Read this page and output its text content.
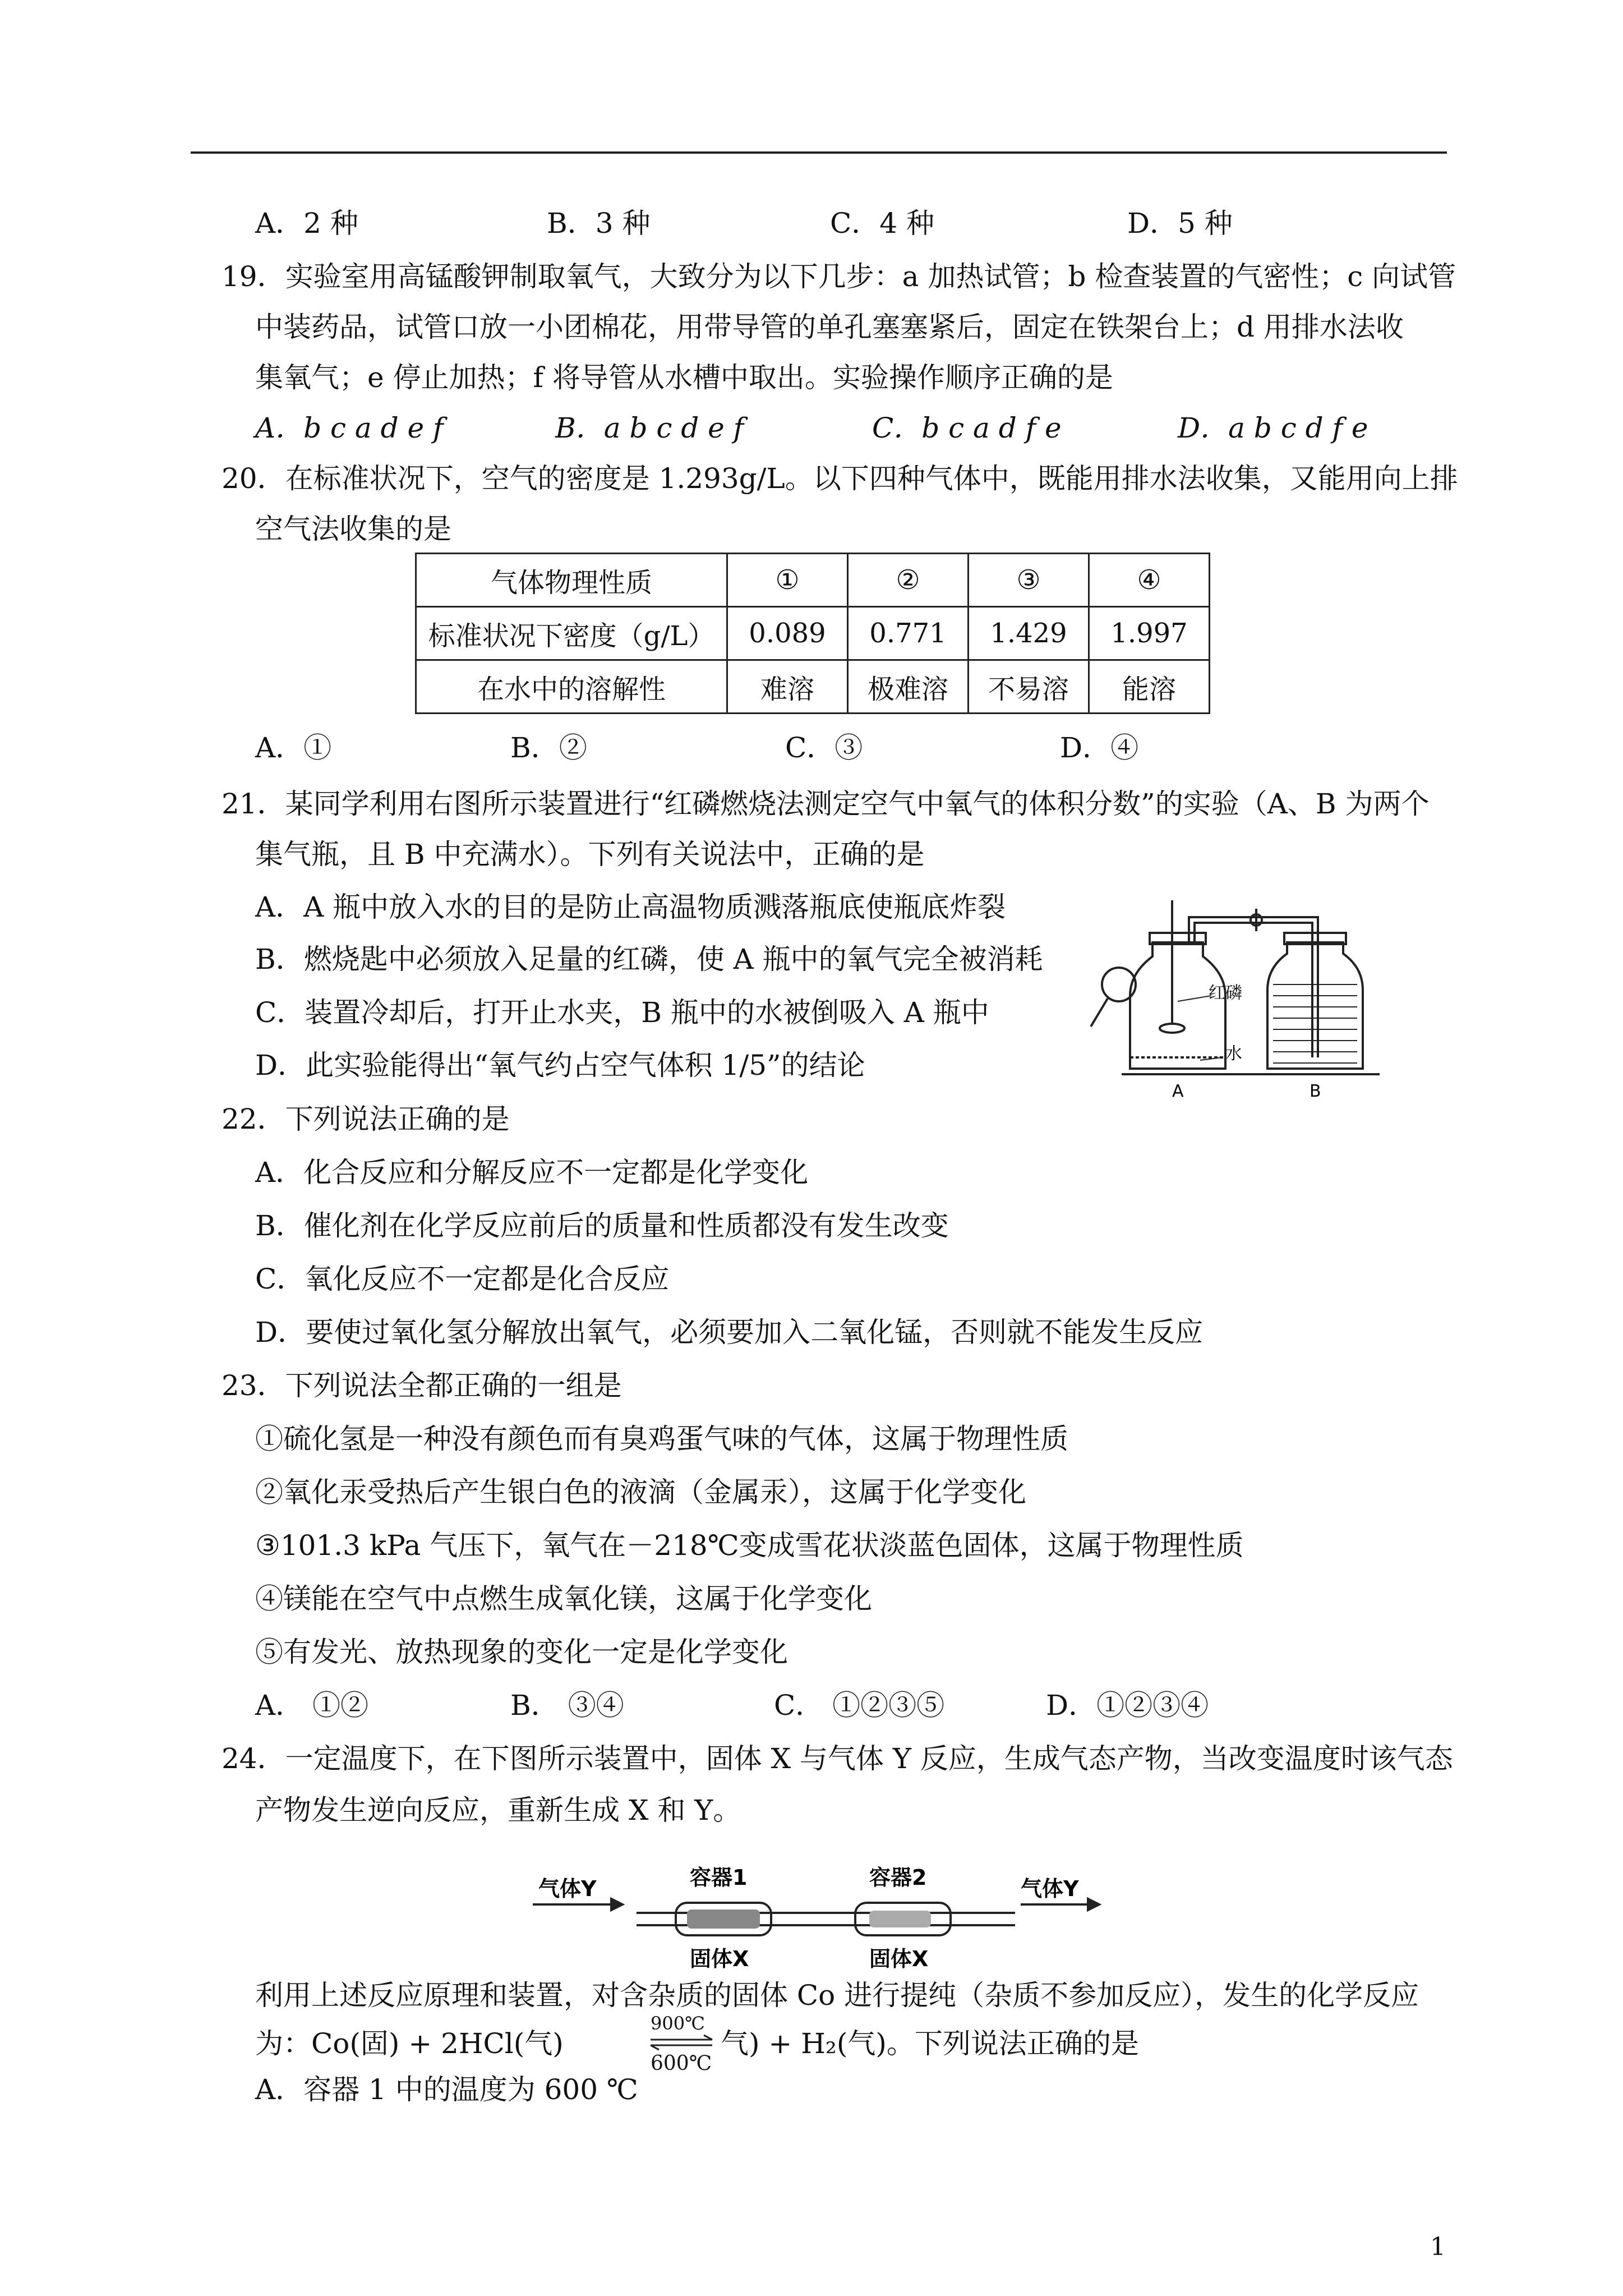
A．2 种	B．3 种	C．4 种	D．5 种
19．实验室用高锰酸钾制取氧气，大致分为以下几步：a 加热试管；b 检查装置的气密性；c 向试管
中装药品，试管口放一小团棉花，用带导管的单孔塞塞紧后，固定在铁架台上；d 用排水法收
集氧气；e 停止加热；f 将导管从水槽中取出。实验操作顺序正确的是
A．b c a d e f	B．a b c d e f	C．b c a d f e	D．a b c d f e
20．在标准状况下，空气的密度是 1.293g/L。以下四种气体中，既能用排水法收集，又能用向上排
空气法收集的是
气体物理性质	①	②	③	④
标准状况下密度（g/L）	0.089	0.771	1.429	1.997
在水中的溶解性	难溶	极难溶	不易溶	能溶
A．①	B．②	C．③	D．④
21．某同学利用右图所示装置进行“红磷燃烧法测定空气中氧气的体积分数”的实验（A、B 为两个
集气瓶，且 B 中充满水）。下列有关说法中，正确的是
A．A 瓶中放入水的目的是防止高温物质溅落瓶底使瓶底炸裂
B．燃烧匙中必须放入足量的红磷，使 A 瓶中的氧气完全被消耗
C．装置冷却后，打开止水夹，B 瓶中的水被倒吸入 A 瓶中
D．此实验能得出“氧气约占空气体积 1/5”的结论
红磷
水
A	B
22．下列说法正确的是
A．化合反应和分解反应不一定都是化学变化
B．催化剂在化学反应前后的质量和性质都没有发生改变
C．氧化反应不一定都是化合反应
D．要使过氧化氢分解放出氧气，必须要加入二氧化锰，否则就不能发生反应
23．下列说法全都正确的一组是
①硫化氢是一种没有颜色而有臭鸡蛋气味的气体，这属于物理性质
②氧化汞受热后产生银白色的液滴（金属汞），这属于化学变化
③101.3 kPa 气压下，氧气在－218℃变成雪花状淡蓝色固体，这属于物理性质
④镁能在空气中点燃生成氧化镁，这属于化学变化
⑤有发光、放热现象的变化一定是化学变化
A． ①②	B． ③④	C． ①②③⑤	D．①②③④
24．一定温度下，在下图所示装置中，固体 X 与气体 Y 反应，生成气态产物，当改变温度时该气态
产物发生逆向反应，重新生成 X 和 Y。
气体Y	气体Y
容器1	容器2
固体X	固体X
利用上述反应原理和装置，对含杂质的固体 Co 进行提纯（杂质不参加反应），发生的化学反应
为：Co(固) + 2HCl(气)
900℃
600℃
气) + H₂(气)。下列说法正确的是
A．容器 1 中的温度为 600 ℃
1
